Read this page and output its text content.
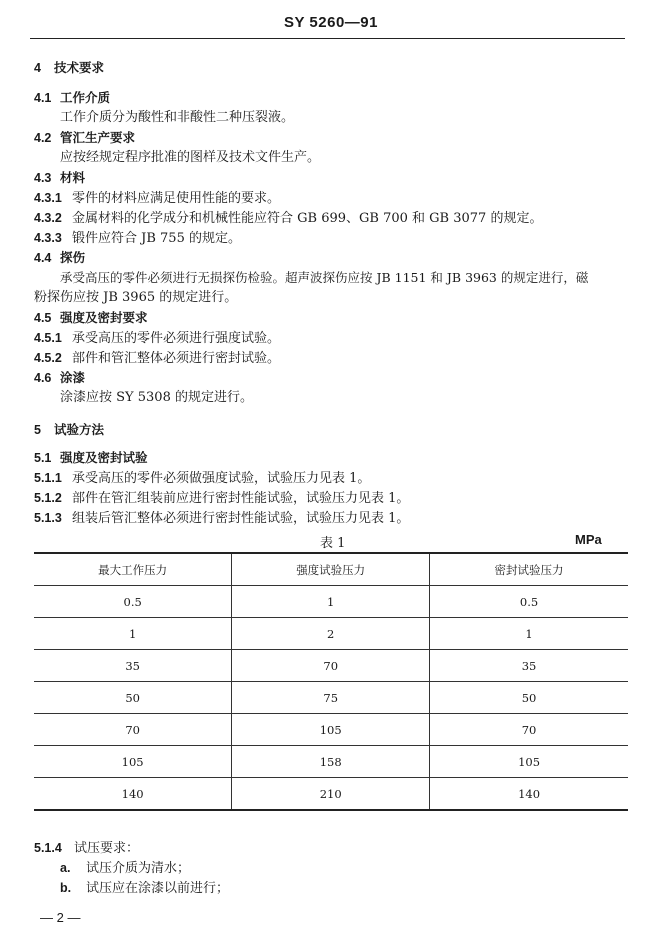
SY 5260—91
4 技术要求
4.1 工作介质
工作介质分为酸性和非酸性二种压裂液。
4.2 管汇生产要求
应按经规定程序批准的图样及技术文件生产。
4.3 材料
4.3.1 零件的材料应满足使用性能的要求。
4.3.2 金属材料的化学成分和机械性能应符合 GB 699、GB 700 和 GB 3077 的规定。
4.3.3 锻件应符合 JB 755 的规定。
4.4 探伤
承受高压的零件必须进行无损探伤检验。超声波探伤应按 JB 1151 和 JB 3963 的规定进行，磁
粉探伤应按 JB 3965 的规定进行。
4.5 强度及密封要求
4.5.1 承受高压的零件必须进行强度试验。
4.5.2 部件和管汇整体必须进行密封试验。
4.6 涂漆
涂漆应按 SY 5308 的规定进行。
5 试验方法
5.1 强度及密封试验
5.1.1 承受高压的零件必须做强度试验，试验压力见表 1。
5.1.2 部件在管汇组装前应进行密封性能试验，试验压力见表 1。
5.1.3 组装后管汇整体必须进行密封性能试验，试验压力见表 1。
表 1	MPa
最大工作压力	强度试验压力	密封试验压力
0.5	1	0.5
1	2	1
35	70	35
50	75	50
70	105	70
105	158	105
140	210	140
5.1.4 试压要求：
a. 试压介质为清水；
b. 试压应在涂漆以前进行；
— 2 —
